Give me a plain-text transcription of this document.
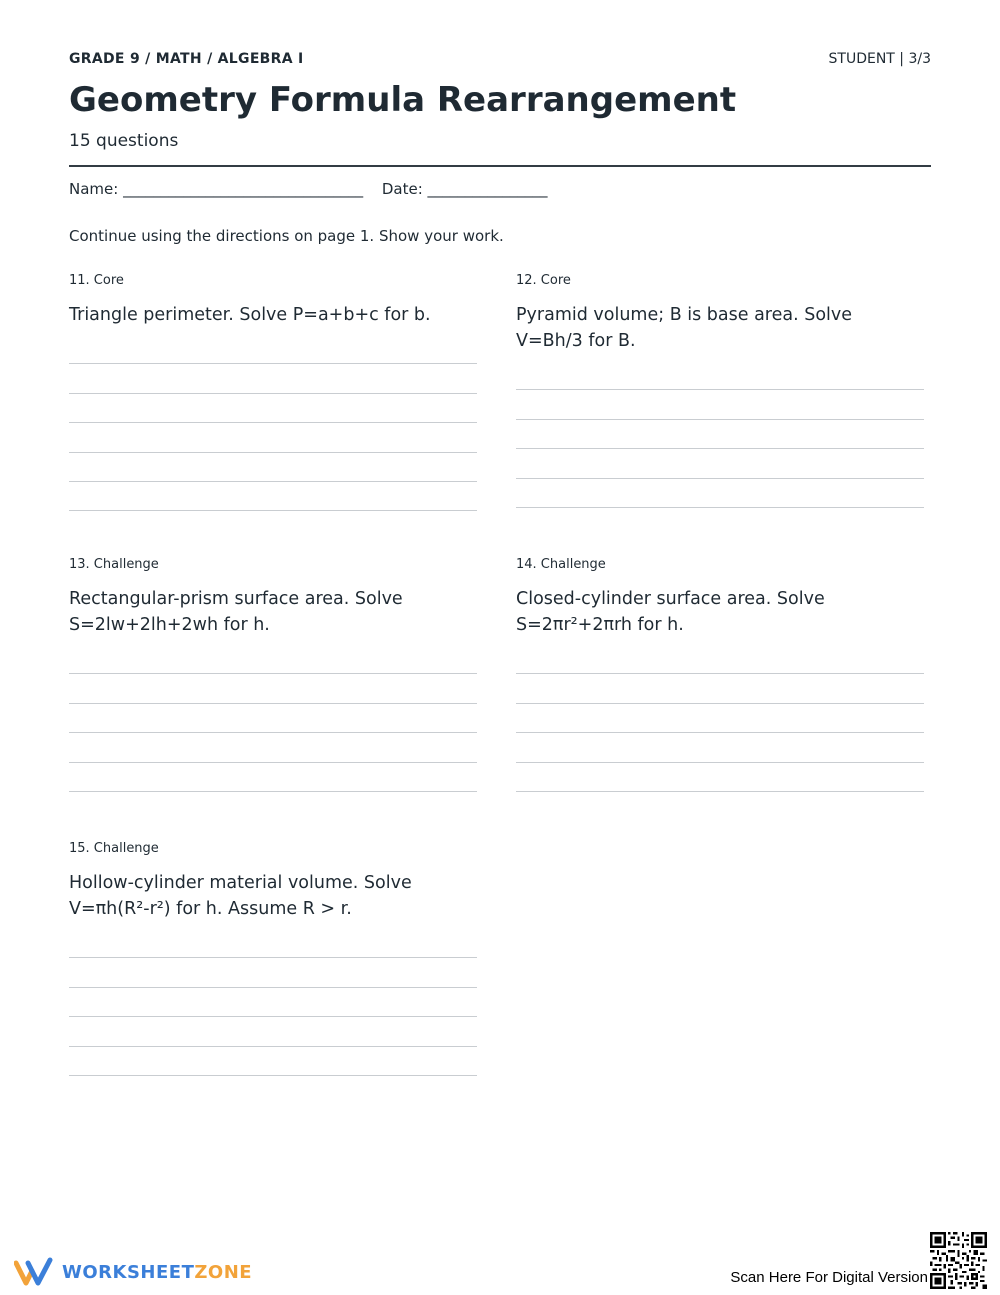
GRADE 9 / MATH / ALGEBRA I	STUDENT | 3/3
Geometry Formula Rearrangement
15 questions
Name: ________________________________ Date: ________________
Continue using the directions on page 1. Show your work.
11. Core
Triangle perimeter. Solve P=a+b+c for b.
12. Core
Pyramid volume; B is base area. Solve V=Bh/3 for B.
13. Challenge
Rectangular-prism surface area. Solve S=2lw+2lh+2wh for h.
14. Challenge
Closed-cylinder surface area. Solve S=2πr²+2πrh for h.
15. Challenge
Hollow-cylinder material volume. Solve V=πh(R²-r²) for h. Assume R > r.
WORKSHEETZONE	Scan Here For Digital Version
